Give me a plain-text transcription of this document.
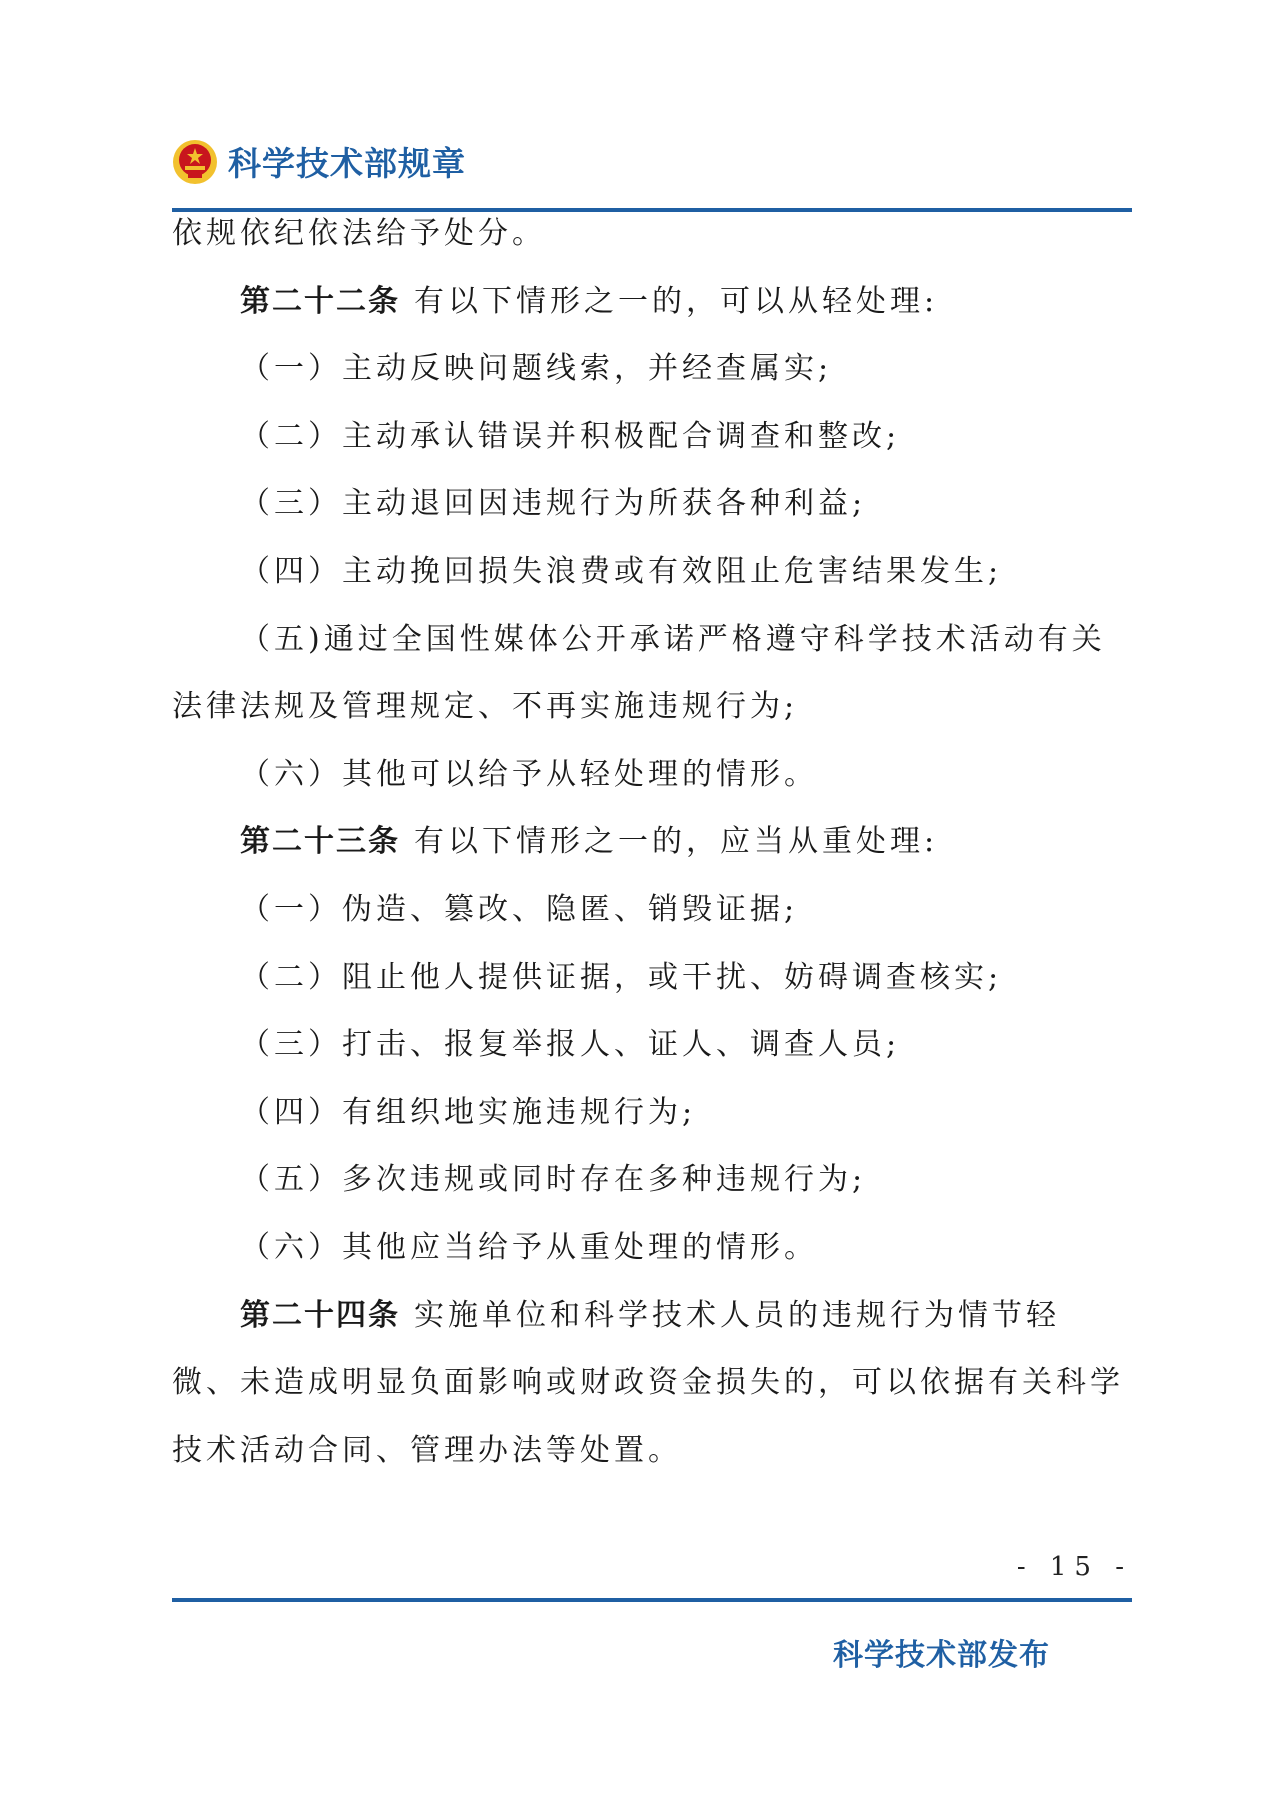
科学技术部规章
依规依纪依法给予处分。
第二十二条 有以下情形之一的，可以从轻处理:
（一）主动反映问题线索，并经查属实;
（二）主动承认错误并积极配合调查和整改;
（三）主动退回因违规行为所获各种利益;
（四）主动挽回损失浪费或有效阻止危害结果发生;
（五)通过全国性媒体公开承诺严格遵守科学技术活动有关
法律法规及管理规定、不再实施违规行为;
（六）其他可以给予从轻处理的情形。
第二十三条 有以下情形之一的，应当从重处理:
（一）伪造、篡改、隐匿、销毁证据;
（二）阻止他人提供证据，或干扰、妨碍调查核实;
（三）打击、报复举报人、证人、调查人员;
（四）有组织地实施违规行为;
（五）多次违规或同时存在多种违规行为;
（六）其他应当给予从重处理的情形。
第二十四条 实施单位和科学技术人员的违规行为情节轻
微、未造成明显负面影响或财政资金损失的，可以依据有关科学
技术活动合同、管理办法等处置。
- 15 -
科学技术部发布
